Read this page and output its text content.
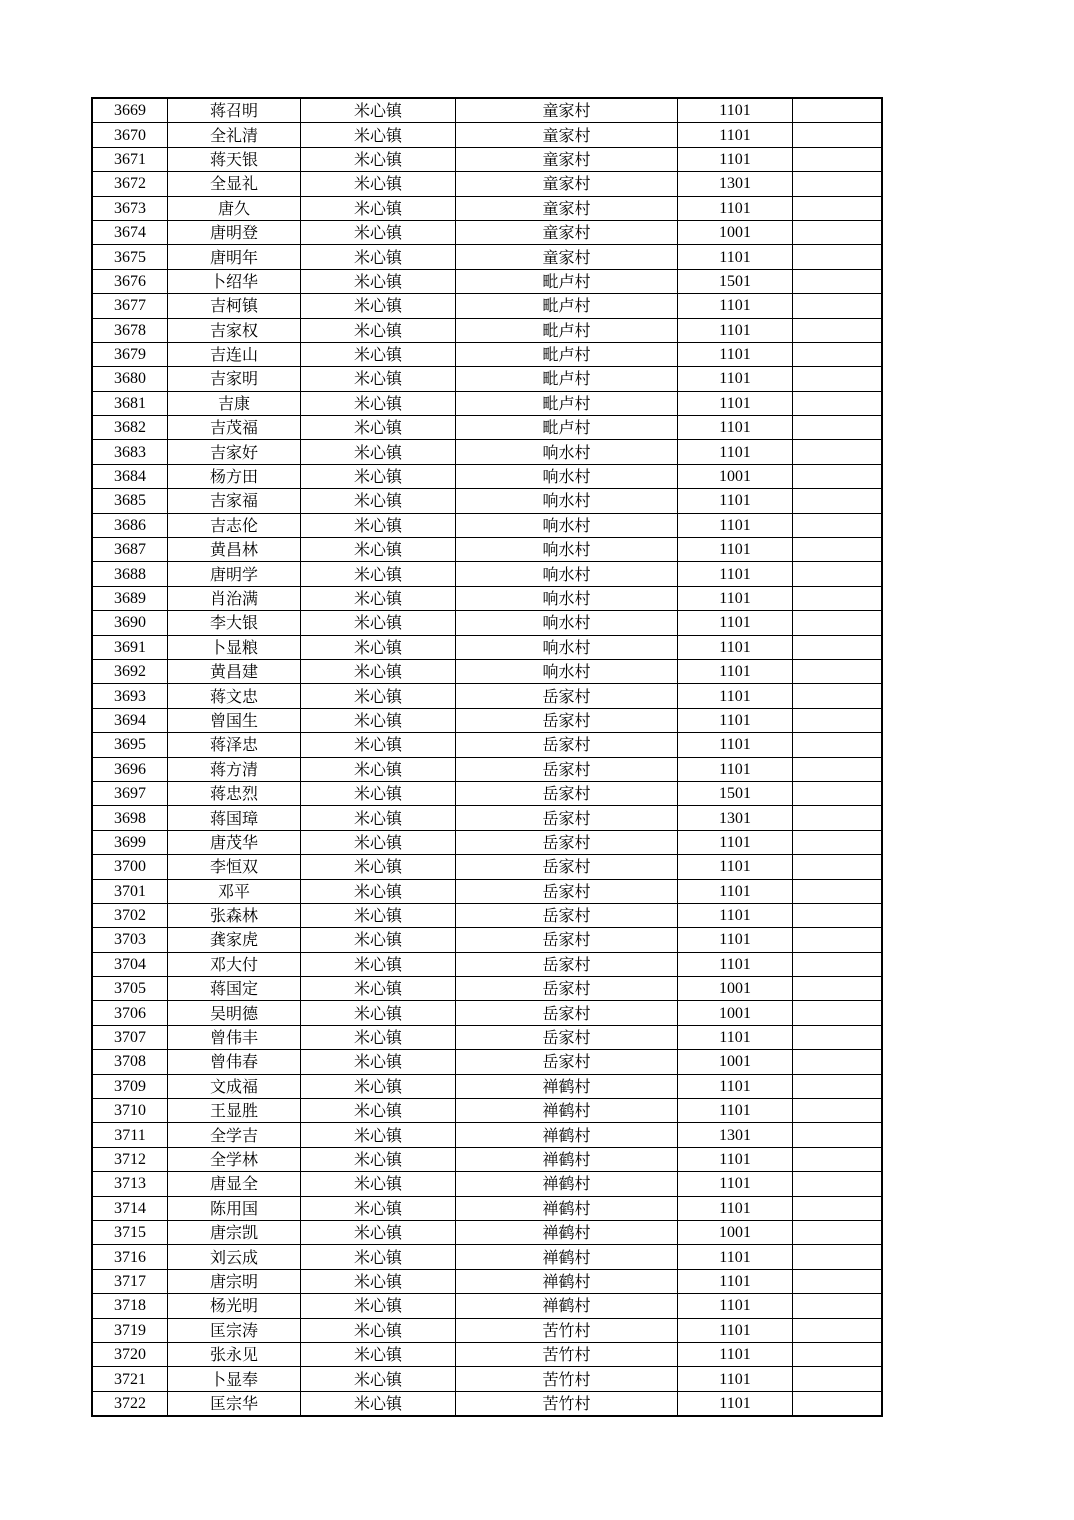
3669	蒋召明	米心镇	童家村	1101	
3670	全礼清	米心镇	童家村	1101	
3671	蒋天银	米心镇	童家村	1101	
3672	全显礼	米心镇	童家村	1301	
3673	唐久	米心镇	童家村	1101	
3674	唐明登	米心镇	童家村	1001	
3675	唐明年	米心镇	童家村	1101	
3676	卜绍华	米心镇	毗卢村	1501	
3677	吉柯镇	米心镇	毗卢村	1101	
3678	吉家权	米心镇	毗卢村	1101	
3679	吉连山	米心镇	毗卢村	1101	
3680	吉家明	米心镇	毗卢村	1101	
3681	吉康	米心镇	毗卢村	1101	
3682	吉茂福	米心镇	毗卢村	1101	
3683	吉家好	米心镇	响水村	1101	
3684	杨方田	米心镇	响水村	1001	
3685	吉家福	米心镇	响水村	1101	
3686	吉志伦	米心镇	响水村	1101	
3687	黄昌林	米心镇	响水村	1101	
3688	唐明学	米心镇	响水村	1101	
3689	肖治满	米心镇	响水村	1101	
3690	李大银	米心镇	响水村	1101	
3691	卜显粮	米心镇	响水村	1101	
3692	黄昌建	米心镇	响水村	1101	
3693	蒋文忠	米心镇	岳家村	1101	
3694	曾国生	米心镇	岳家村	1101	
3695	蒋泽忠	米心镇	岳家村	1101	
3696	蒋方清	米心镇	岳家村	1101	
3697	蒋忠烈	米心镇	岳家村	1501	
3698	蒋国璋	米心镇	岳家村	1301	
3699	唐茂华	米心镇	岳家村	1101	
3700	李恒双	米心镇	岳家村	1101	
3701	邓平	米心镇	岳家村	1101	
3702	张森林	米心镇	岳家村	1101	
3703	龚家虎	米心镇	岳家村	1101	
3704	邓大付	米心镇	岳家村	1101	
3705	蒋国定	米心镇	岳家村	1001	
3706	吴明德	米心镇	岳家村	1001	
3707	曾伟丰	米心镇	岳家村	1101	
3708	曾伟春	米心镇	岳家村	1001	
3709	文成福	米心镇	禅鹤村	1101	
3710	王显胜	米心镇	禅鹤村	1101	
3711	全学吉	米心镇	禅鹤村	1301	
3712	全学林	米心镇	禅鹤村	1101	
3713	唐显全	米心镇	禅鹤村	1101	
3714	陈用国	米心镇	禅鹤村	1101	
3715	唐宗凯	米心镇	禅鹤村	1001	
3716	刘云成	米心镇	禅鹤村	1101	
3717	唐宗明	米心镇	禅鹤村	1101	
3718	杨光明	米心镇	禅鹤村	1101	
3719	匡宗涛	米心镇	苦竹村	1101	
3720	张永见	米心镇	苦竹村	1101	
3721	卜显奉	米心镇	苦竹村	1101	
3722	匡宗华	米心镇	苦竹村	1101	
